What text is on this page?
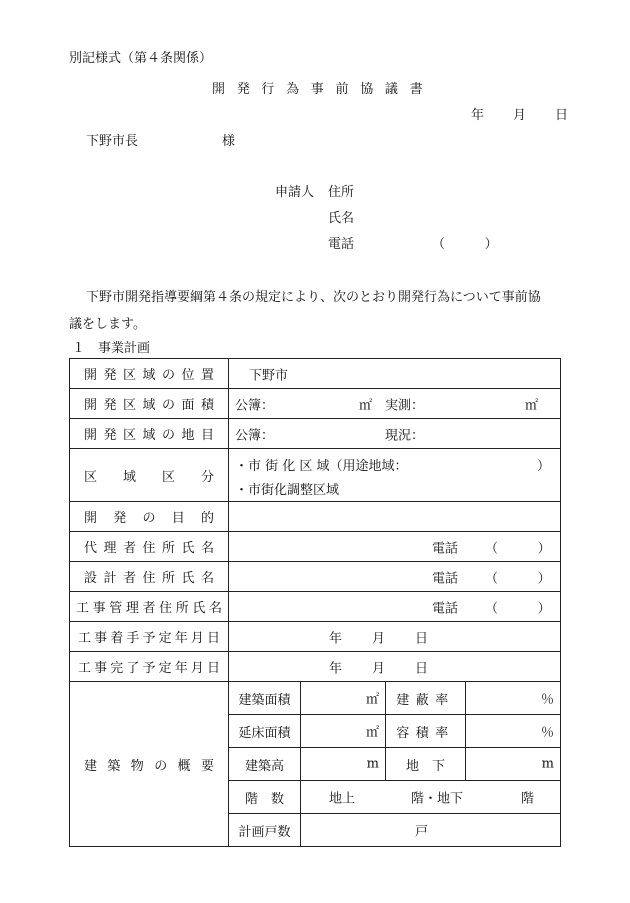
別記様式（第４条関係）
開発行為事前協議書
年 月 日
下野市長	様
申請人 住所
氏名
電話	（　　）
下野市開発指導要綱第４条の規定により、次のとおり開発行為について事前協
議をします。
１　事業計画
開発区域の位置	下野市			

開発区域の面積	公簿： ㎡ 実測： ㎡			

開発区域の地目	公簿： 現況：			

区域区分	・市 街 化 区 域（用途地域： ）
・市街化調整区域			

開発の目的				

代理者住所氏名	電話 （　　）			

設計者住所氏名	電話 （　　）			

工事管理者住所氏名	電話 （　　）			

工事着手予定年月日	年 月 日			

工事完了予定年月日	年 月 日			

建築物の概要	建築面積	㎡	建蔽率	％

	延床面積	㎡	容積率	％

	建築高	m	地　下	m

	階　数	地上 階・地下 階		

	計画戸数	戸		
